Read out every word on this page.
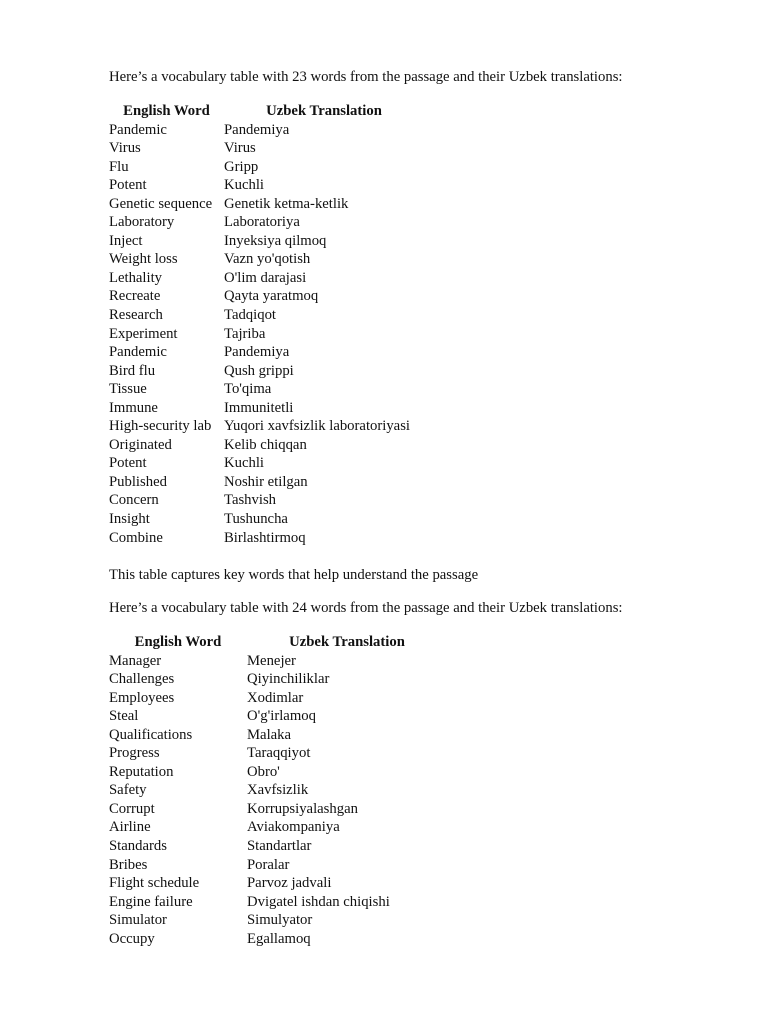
Here’s a vocabulary table with 23 words from the passage and their Uzbek translations:

English Word	Uzbek Translation
Pandemic	Pandemiya
Virus	Virus
Flu	Gripp
Potent	Kuchli
Genetic sequence	Genetik ketma-ketlik
Laboratory	Laboratoriya
Inject	Inyeksiya qilmoq
Weight loss	Vazn yo'qotish
Lethality	O'lim darajasi
Recreate	Qayta yaratmoq
Research	Tadqiqot
Experiment	Tajriba
Pandemic	Pandemiya
Bird flu	Qush grippi
Tissue	To'qima
Immune	Immunitetli
High-security lab	Yuqori xavfsizlik laboratoriyasi
Originated	Kelib chiqqan
Potent	Kuchli
Published	Noshir etilgan
Concern	Tashvish
Insight	Tushuncha
Combine	Birlashtirmoq

This table captures key words that help understand the passage

Here’s a vocabulary table with 24 words from the passage and their Uzbek translations:

English Word	Uzbek Translation
Manager	Menejer
Challenges	Qiyinchiliklar
Employees	Xodimlar
Steal	O'g'irlamoq
Qualifications	Malaka
Progress	Taraqqiyot
Reputation	Obro'
Safety	Xavfsizlik
Corrupt	Korrupsiyalashgan
Airline	Aviakompaniya
Standards	Standartlar
Bribes	Poralar
Flight schedule	Parvoz jadvali
Engine failure	Dvigatel ishdan chiqishi
Simulator	Simulyator
Occupy	Egallamoq
